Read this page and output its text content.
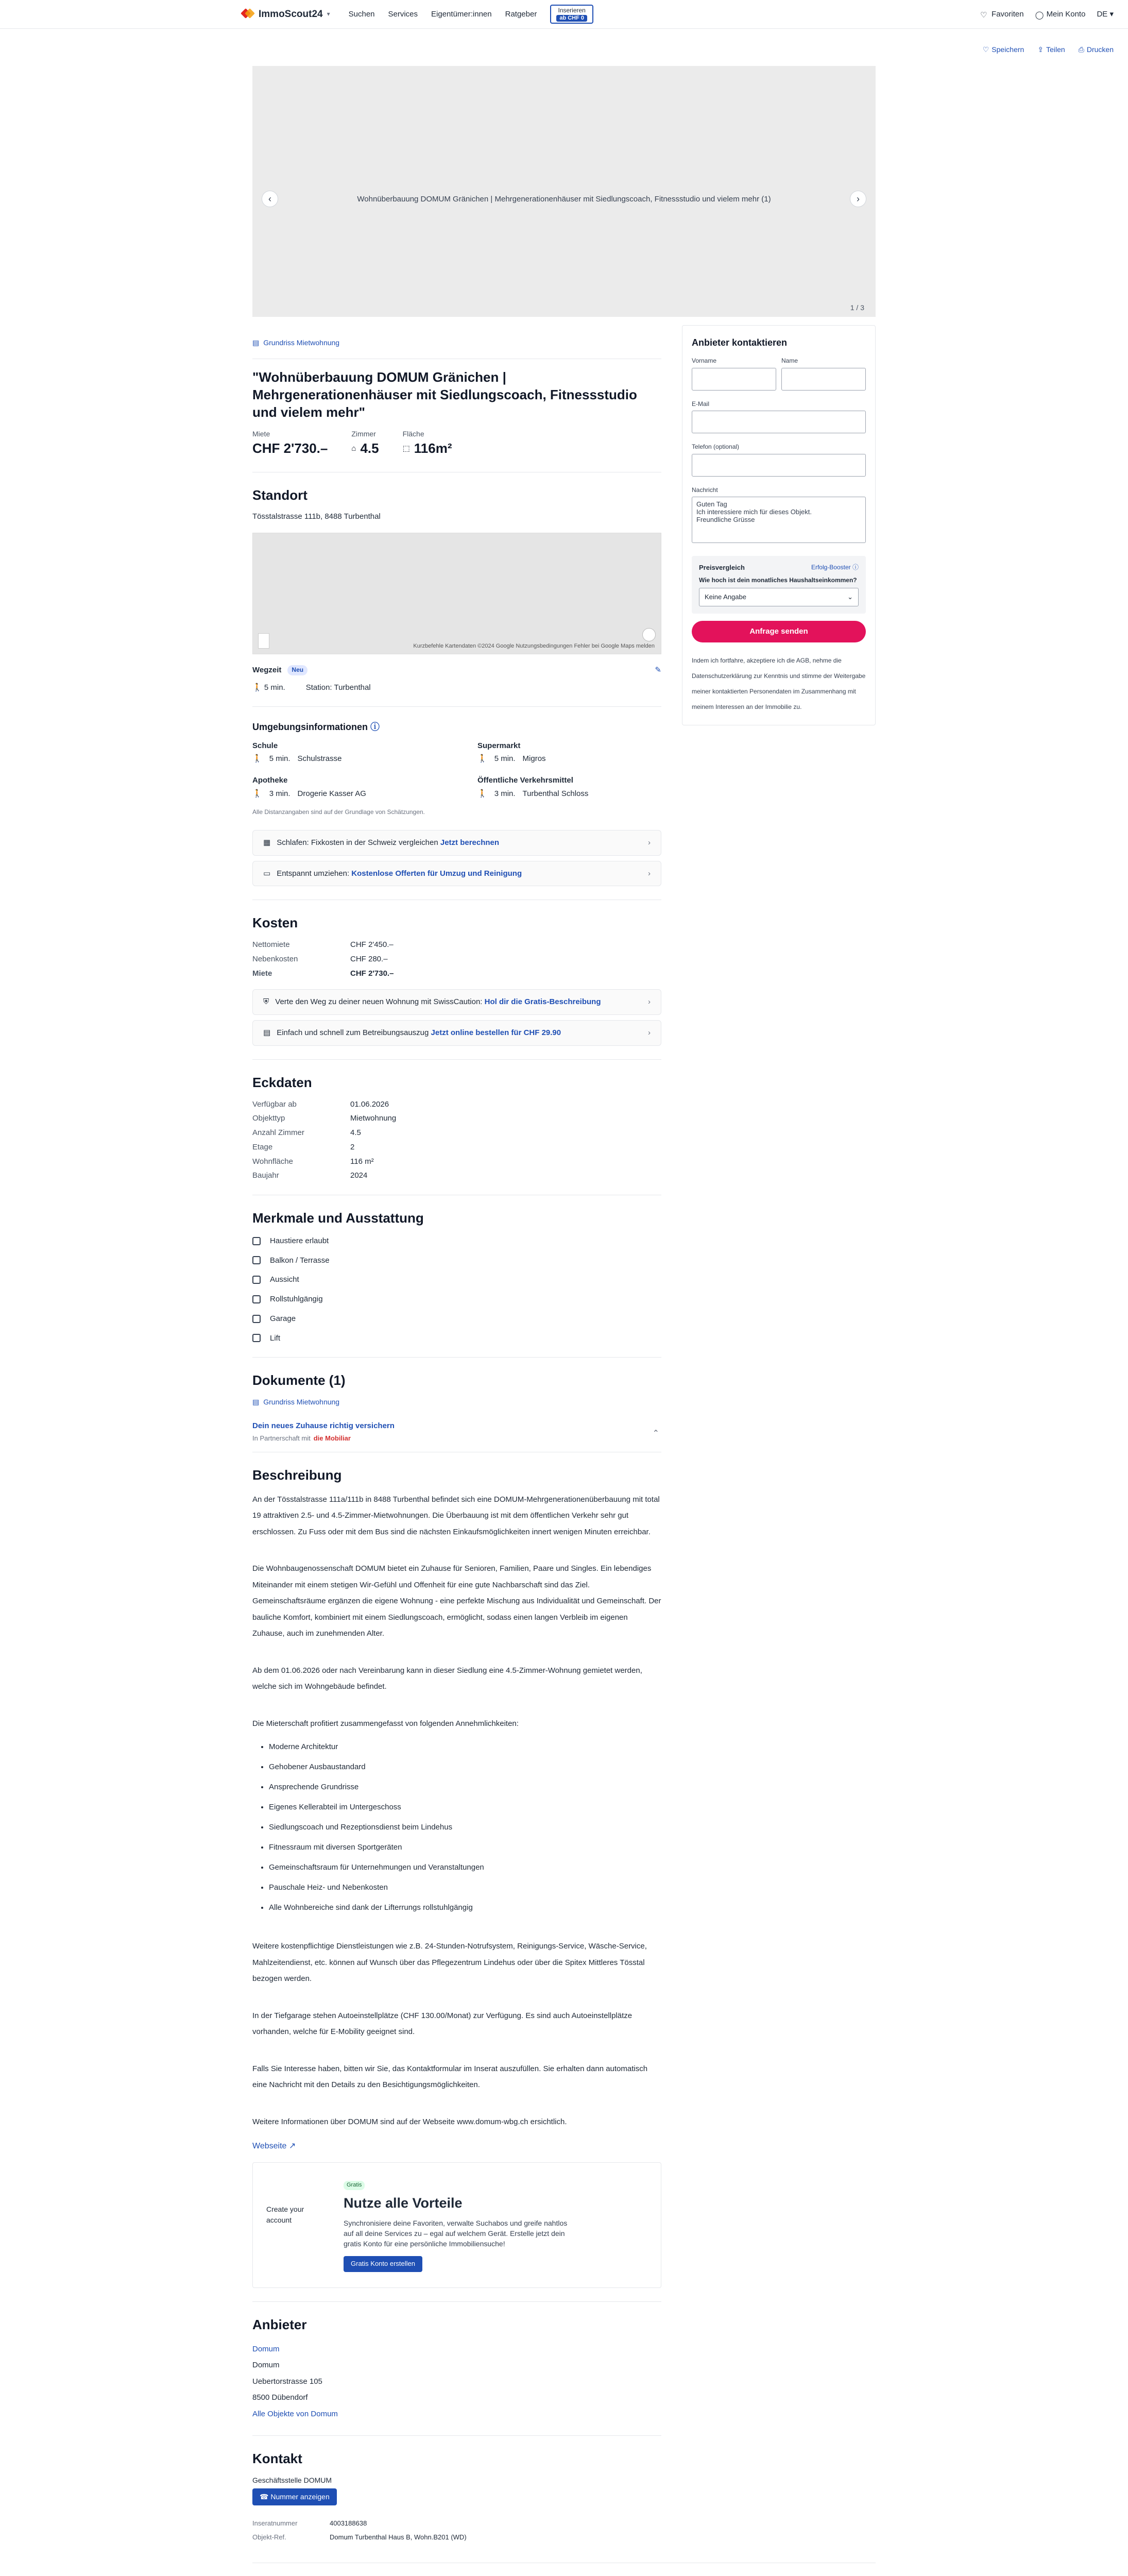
ImmoScout24 ▾ Suchen Services Eigentümer:innen Ratgeber	Inserieren
ab CHF 0	♡ Favoriten ◯ Mein Konto DE ▾
♡ Speichern ⇪ Teilen ⎙ Drucken
Wohnüberbauung DOMUM Gränichen | Mehrgenerationenhäuser mit Siedlungscoach, Fitnessstudio und vielem mehr (1)
‹	›
1 / 3
▤ Grundriss Mietwohnung
"Wohnüberbauung DOMUM Gränichen | Mehrgenerationenhäuser mit Siedlungscoach, Fitnessstudio und vielem mehr"
Miete
CHF 2'730.–
Zimmer
⌂ 4.5
Fläche
⬚ 116m²
Standort
Tösstalstrasse 111b, 8488 Turbenthal
Kurzbefehle Kartendaten ©2024 Google Nutzungsbedingungen Fehler bei Google Maps melden
Wegzeit	Neu	✎
🚶 5 min.	Station: Turbenthal
Umgebungsinformationen ⓘ
Schule
🚶 5 min. Schulstrasse
Supermarkt
🚶 5 min. Migros
Apotheke
🚶 3 min. Drogerie Kasser AG
Öffentliche Verkehrsmittel
🚶 3 min. Turbenthal Schloss
Alle Distanzangaben sind auf der Grundlage von Schätzungen.
▦ Schlafen: Fixkosten in der Schweiz vergleichen Jetzt berechnen	›
▭ Entspannt umziehen: Kostenlose Offerten für Umzug und Reinigung	›
Kosten
Nettomiete	CHF 2'450.–
Nebenkosten	CHF 280.–
Miete	CHF 2'730.–
⛨ Verte den Weg zu deiner neuen Wohnung mit SwissCaution: Hol dir die Gratis-Beschreibung	›
▤ Einfach und schnell zum Betreibungsauszug Jetzt online bestellen für CHF 29.90	›
Eckdaten
Verfügbar ab	01.06.2026
Objekttyp	Mietwohnung
Anzahl Zimmer	4.5
Etage	2
Wohnfläche	116 m²
Baujahr	2024
Merkmale und Ausstattung
Haustiere erlaubt
Balkon / Terrasse
Aussicht
Rollstuhlgängig
Garage
Lift
Dokumente (1)
▤ Grundriss Mietwohnung
Dein neues Zuhause richtig versichern
In Partnerschaft mit die Mobiliar
⌃
Beschreibung

An der Tösstalstrasse 111a/111b in 8488 Turbenthal befindet sich eine DOMUM-Mehrgenerationenüberbauung mit total 19 attraktiven 2.5- und 4.5-Zimmer-Mietwohnungen. Die Überbauung ist mit dem öffentlichen Verkehr sehr gut erschlossen. Zu Fuss oder mit dem Bus sind die nächsten Einkaufsmöglichkeiten innert wenigen Minuten erreichbar.

Die Wohnbaugenossenschaft DOMUM bietet ein Zuhause für Senioren, Familien, Paare und Singles. Ein lebendiges Miteinander mit einem stetigen Wir-Gefühl und Offenheit für eine gute Nachbarschaft sind das Ziel. Gemeinschaftsräume ergänzen die eigene Wohnung - eine perfekte Mischung aus Individualität und Gemeinschaft. Der bauliche Komfort, kombiniert mit einem Siedlungscoach, ermöglicht, sodass einen langen Verbleib im eigenen Zuhause, auch im zunehmenden Alter.

Ab dem 01.06.2026 oder nach Vereinbarung kann in dieser Siedlung eine 4.5-Zimmer-Wohnung gemietet werden, welche sich im Wohngebäude befindet.

Die Mieterschaft profitiert zusammengefasst von folgenden Annehmlichkeiten:

• Moderne Architektur
• Gehobener Ausbaustandard
• Ansprechende Grundrisse
• Eigenes Kellerabteil im Untergeschoss
• Siedlungscoach und Rezeptionsdienst beim Lindehus
• Fitnessraum mit diversen Sportgeräten
• Gemeinschaftsraum für Unternehmungen und Veranstaltungen
• Pauschale Heiz- und Nebenkosten
• Alle Wohnbereiche sind dank der Lifterrungs rollstuhlgängig

Weitere kostenpflichtige Dienstleistungen wie z.B. 24-Stunden-Notrufsystem, Reinigungs-Service, Wäsche-Service, Mahlzeitendienst, etc. können auf Wunsch über das Pflegezentrum Lindehus oder über die Spitex Mittleres Tösstal bezogen werden.

In der Tiefgarage stehen Autoeinstellplätze (CHF 130.00/Monat) zur Verfügung. Es sind auch Autoeinstellplätze vorhanden, welche für E-Mobility geeignet sind.

Falls Sie Interesse haben, bitten wir Sie, das Kontaktformular im Inserat auszufüllen. Sie erhalten dann automatisch eine Nachricht mit den Details zu den Besichtigungsmöglichkeiten.

Weitere Informationen über DOMUM sind auf der Webseite www.domum-wbg.ch ersichtlich.

Webseite ↗
Create your account
Gratis
Nutze alle Vorteile
Synchronisiere deine Favoriten, verwalte Suchabos und greife nahtlos auf all deine Services zu – egal auf welchem Gerät. Erstelle jetzt dein gratis Konto für eine persönliche Immobiliensuche!
Gratis Konto erstellen
Anbieter
Domum
Domum
Uebertorstrasse 105
8500 Dübendorf
Alle Objekte von Domum
Kontakt
Geschäftsstelle DOMUM
☎ Nummer anzeigen
Inseratnummer	4003188638
Objekt-Ref.	Domum Turbenthal Haus B, Wohn.B201 (WD)
Anbieter kontaktieren
Vorname	Name
E-Mail
Telefon (optional)
Nachricht
Guten Tag Ich interessiere mich für dieses Objekt. Freundliche Grüsse
Preisvergleich	Erfolg-Booster ⓘ
Wie hoch ist dein monatliches Haushaltseinkommen?
Keine Angabe	⌄
Anfrage senden
Indem ich fortfahre, akzeptiere ich die AGB, nehme die Datenschutzerklärung zur Kenntnis und stimme der Weitergabe meiner kontaktierten Personendaten im Zusammenhang mit meinem Interessen an der Immobilie zu.
